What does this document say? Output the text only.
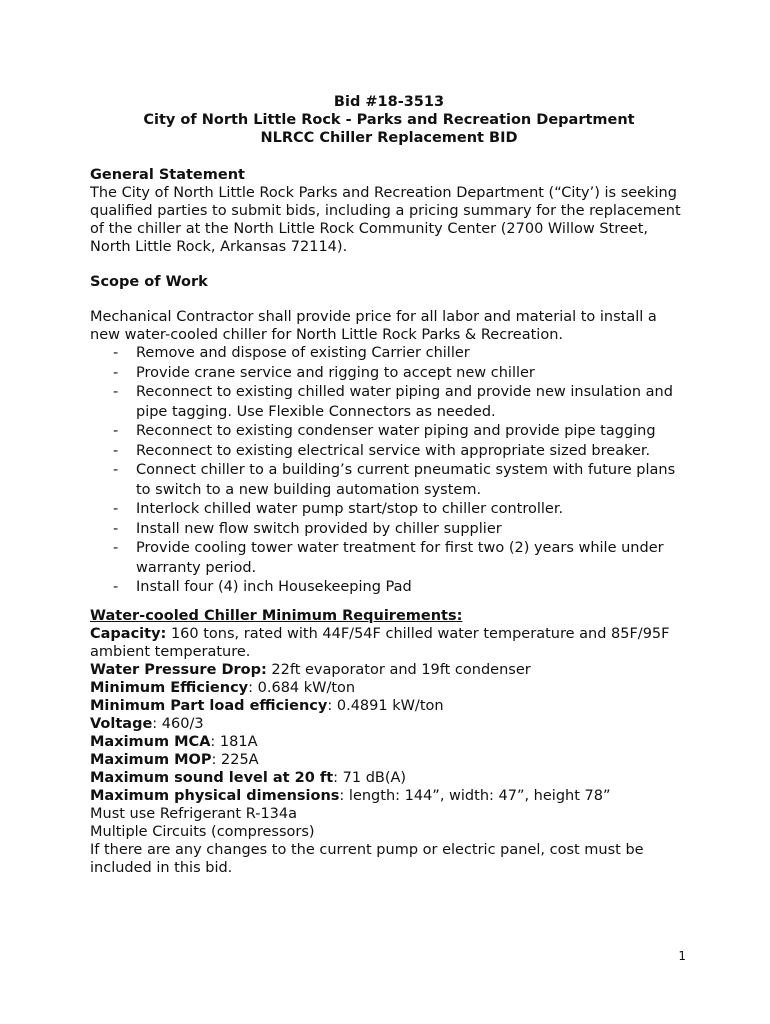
Bid #18-3513
City of North Little Rock - Parks and Recreation Department
NLRCC Chiller Replacement BID
General Statement
The City of North Little Rock Parks and Recreation Department (“City’) is seeking qualified parties to submit bids, including a pricing summary for the replacement of the chiller at the North Little Rock Community Center (2700 Willow Street, North Little Rock, Arkansas 72114).
Scope of Work
Mechanical Contractor shall provide price for all labor and material to install a new water-cooled chiller for North Little Rock Parks & Recreation.
- Remove and dispose of existing Carrier chiller
- Provide crane service and rigging to accept new chiller
- Reconnect to existing chilled water piping and provide new insulation and pipe tagging. Use Flexible Connectors as needed.
- Reconnect to existing condenser water piping and provide pipe tagging
- Reconnect to existing electrical service with appropriate sized breaker.
- Connect chiller to a building’s current pneumatic system with future plans to switch to a new building automation system.
- Interlock chilled water pump start/stop to chiller controller.
- Install new flow switch provided by chiller supplier
- Provide cooling tower water treatment for first two (2) years while under warranty period.
- Install four (4) inch Housekeeping Pad
Water-cooled Chiller Minimum Requirements:
Capacity: 160 tons, rated with 44F/54F chilled water temperature and 85F/95F ambient temperature.
Water Pressure Drop: 22ft evaporator and 19ft condenser
Minimum Efficiency: 0.684 kW/ton
Minimum Part load efficiency: 0.4891 kW/ton
Voltage: 460/3
Maximum MCA: 181A
Maximum MOP: 225A
Maximum sound level at 20 ft: 71 dB(A)
Maximum physical dimensions: length: 144”, width: 47”, height 78”
Must use Refrigerant R-134a
Multiple Circuits (compressors)
If there are any changes to the current pump or electric panel, cost must be included in this bid.
1
